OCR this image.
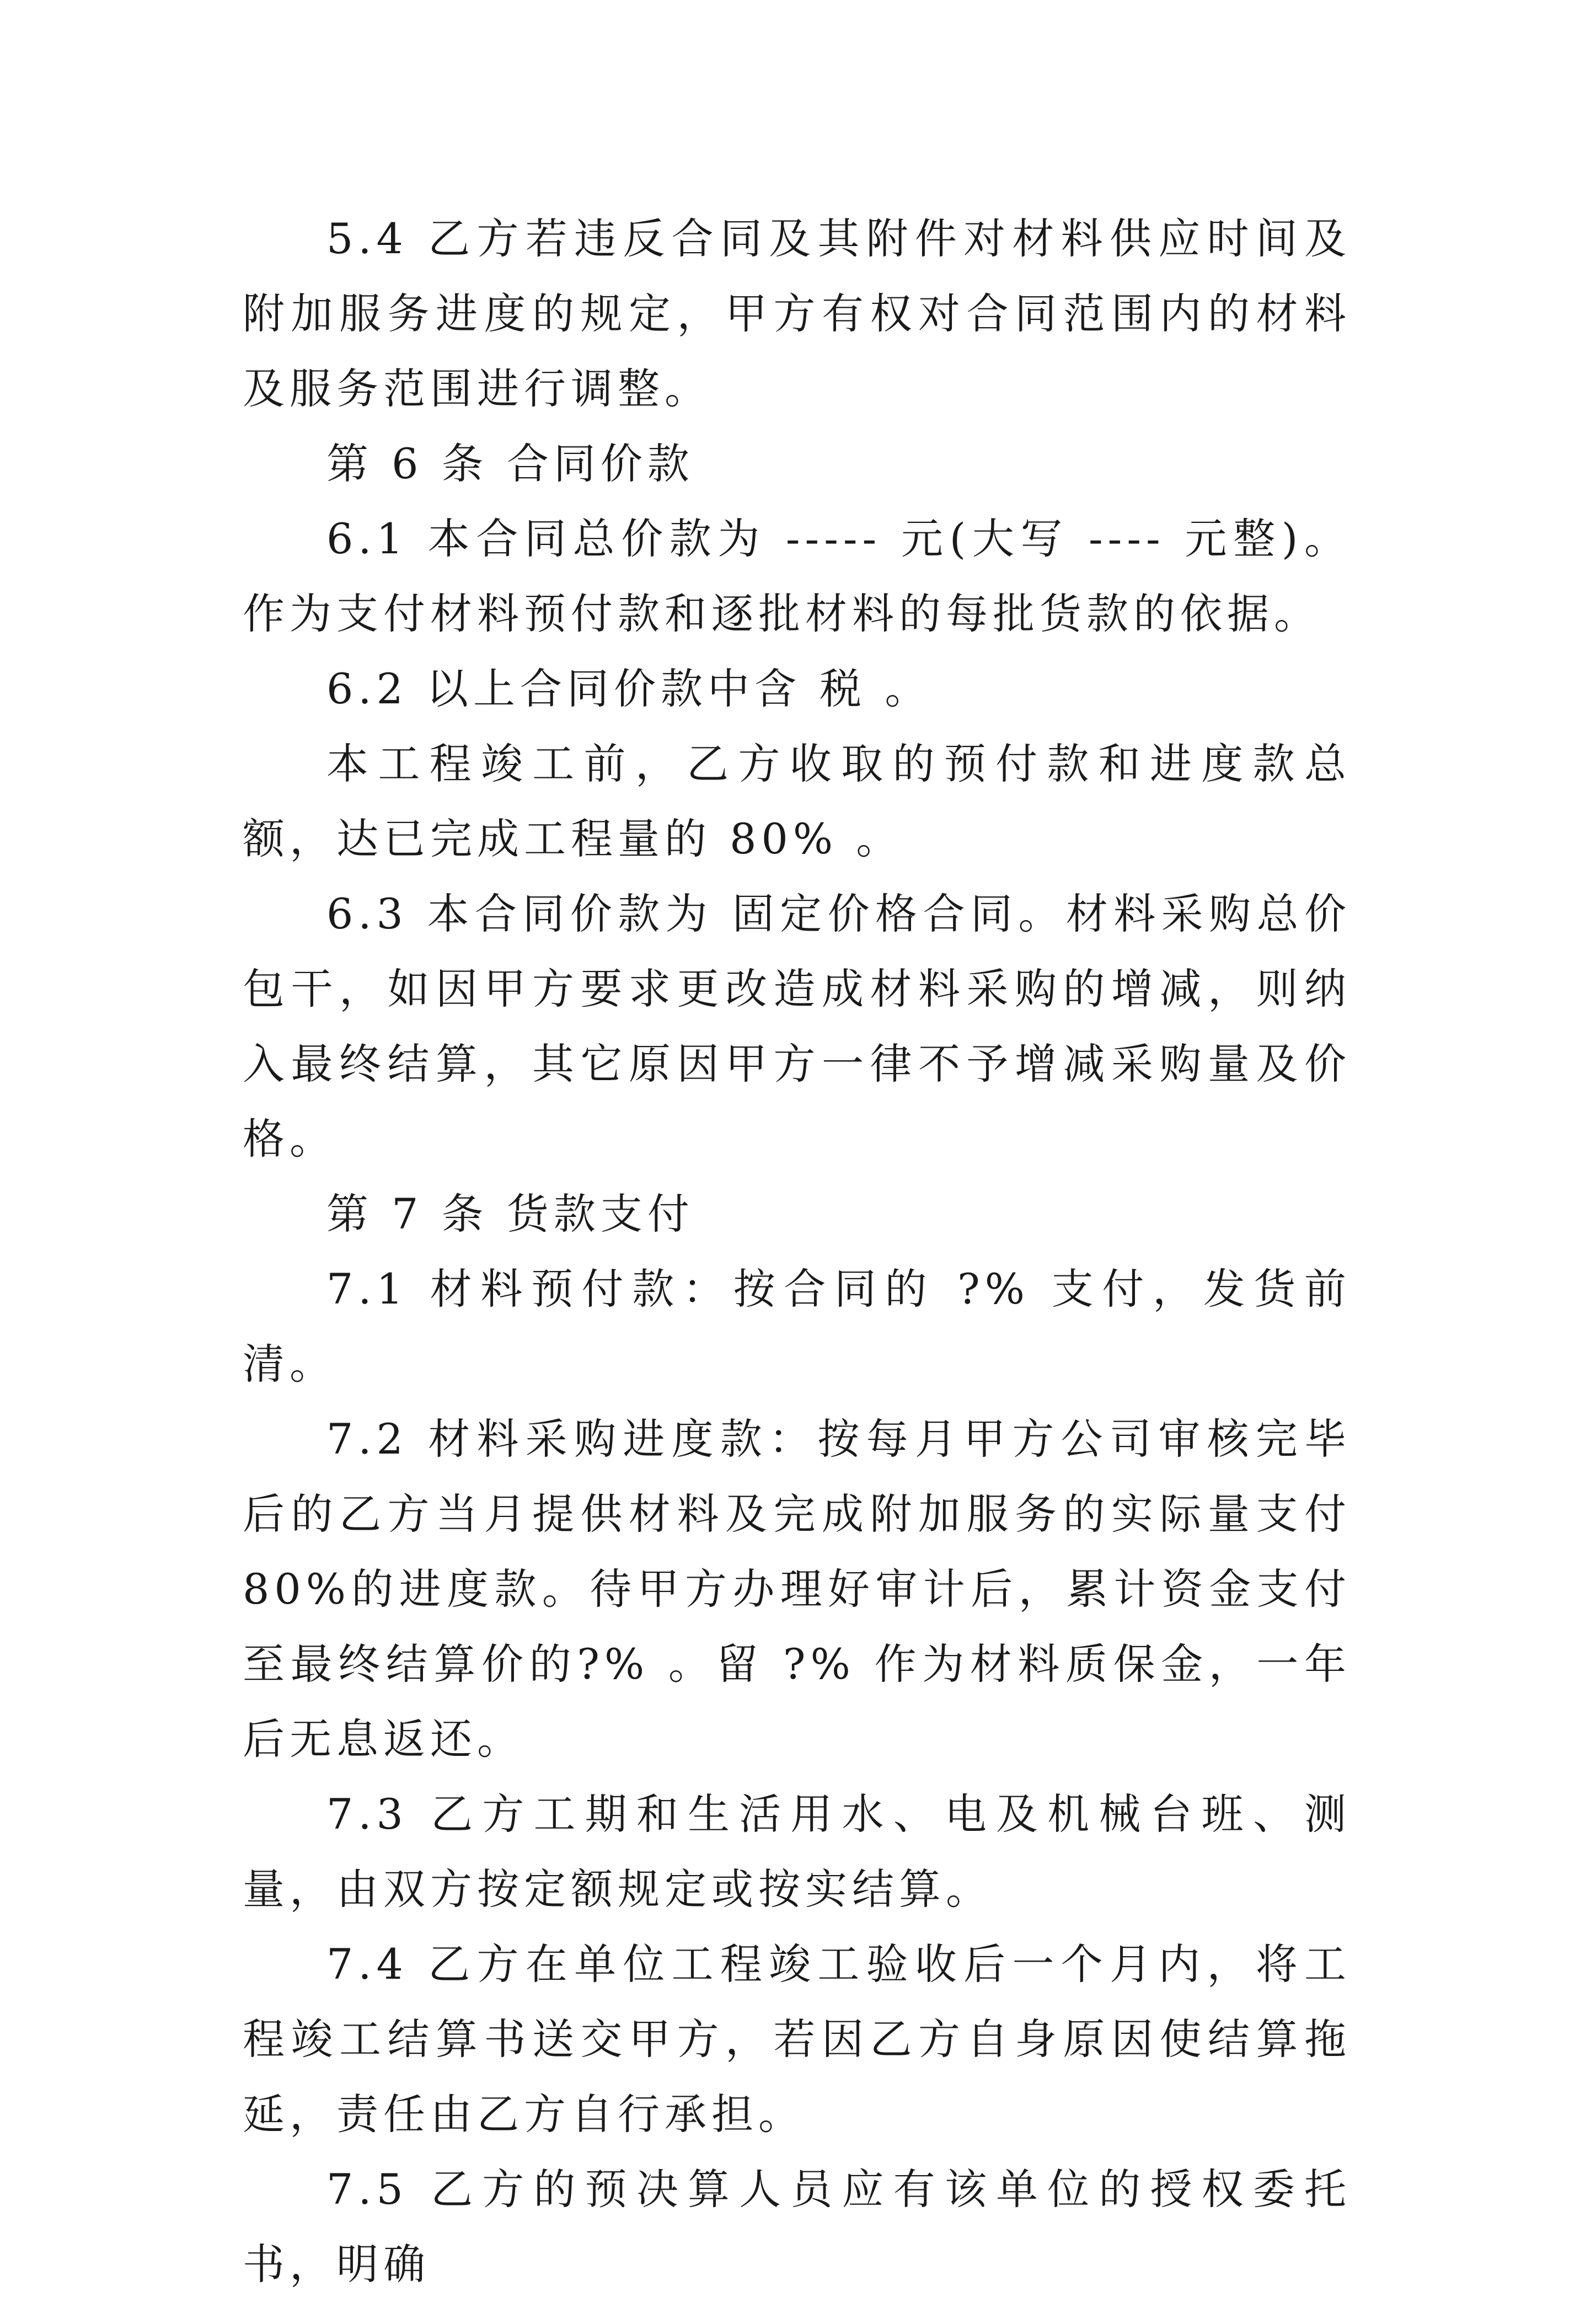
5.4 乙方若违反合同及其附件对材料供应时间及附加服务进度的规定，甲方有权对合同范围内的材料及服务范围进行调整。

第 6 条 合同价款

6.1 本合同总价款为 ----- 元(大写 ---- 元整)。作为支付材料预付款和逐批材料的每批货款的依据。

6.2 以上合同价款中含 税 。

本工程竣工前，乙方收取的预付款和进度款总额，达已完成工程量的 80% 。

6.3 本合同价款为 固定价格合同。材料采购总价包干，如因甲方要求更改造成材料采购的增减，则纳入最终结算，其它原因甲方一律不予增减采购量及价格。

第 7 条 货款支付

7.1 材料预付款：按合同的 ?% 支付，发货前 清。

7.2 材料采购进度款：按每月甲方公司审核完毕后的乙方当月提供材料及完成附加服务的实际量支付 80%的进度款。待甲方办理好审计后，累计资金支付至最终结算价的?% 。留 ?% 作为材料质保金，一年后无息返还。

7.3 乙方工期和生活用水、电及机械台班、测量，由双方按定额规定或按实结算。

7.4 乙方在单位工程竣工验收后一个月内，将工程竣工结算书送交甲方，若因乙方自身原因使结算拖延，责任由乙方自行承担。

7.5 乙方的预决算人员应有该单位的授权委托书，明确
